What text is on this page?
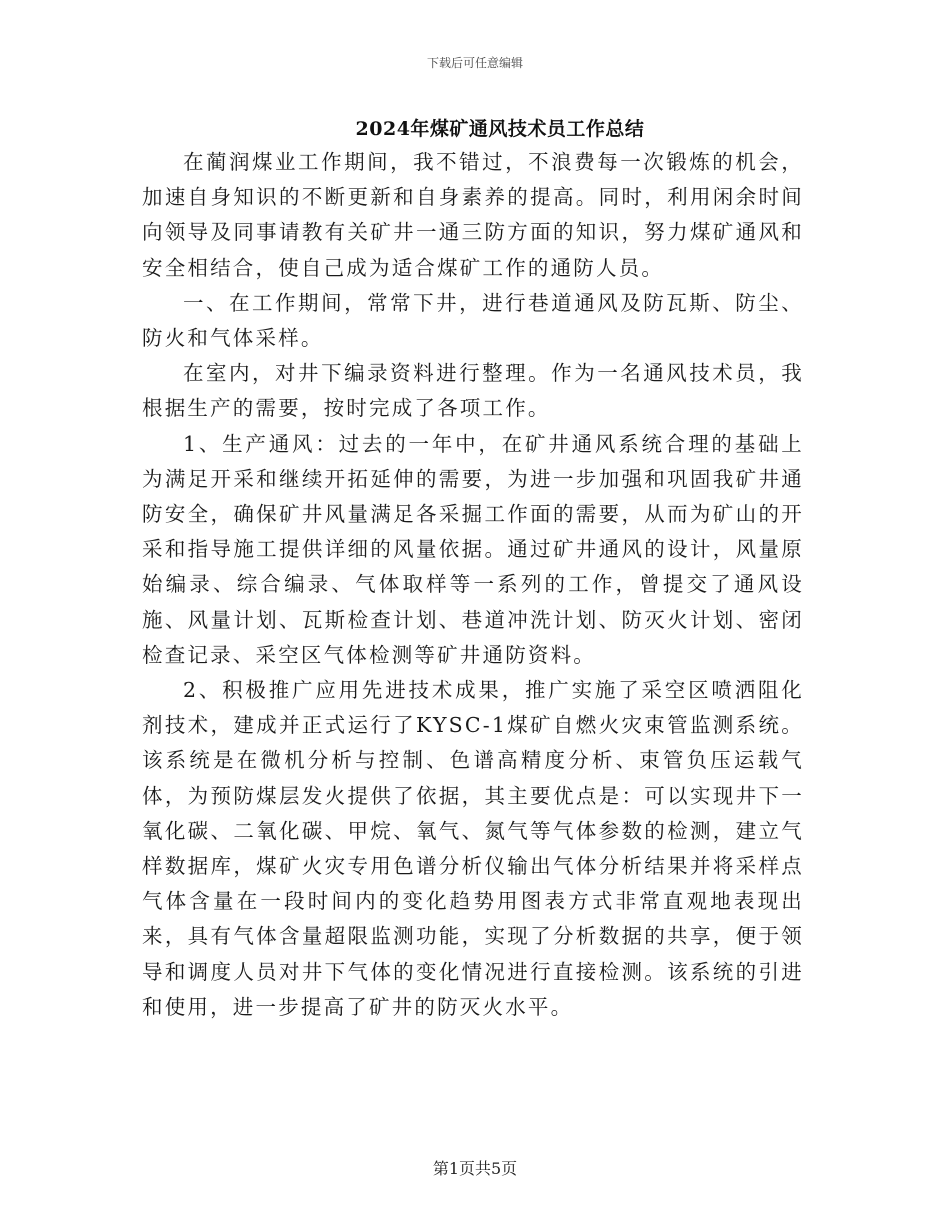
下载后可任意编辑
2024年煤矿通风技术员工作总结

在蔺润煤业工作期间，我不错过，不浪费每一次锻炼的机会，加速自身知识的不断更新和自身素养的提高。同时，利用闲余时间向领导及同事请教有关矿井一通三防方面的知识，努力煤矿通风和安全相结合，使自己成为适合煤矿工作的通防人员。

一、在工作期间，常常下井，进行巷道通风及防瓦斯、防尘、防火和气体采样。

在室内，对井下编录资料进行整理。作为一名通风技术员，我根据生产的需要，按时完成了各项工作。

1、生产通风：过去的一年中，在矿井通风系统合理的基础上为满足开采和继续开拓延伸的需要，为进一步加强和巩固我矿井通防安全，确保矿井风量满足各采掘工作面的需要，从而为矿山的开采和指导施工提供详细的风量依据。通过矿井通风的设计，风量原始编录、综合编录、气体取样等一系列的工作，曾提交了通风设施、风量计划、瓦斯检查计划、巷道冲洗计划、防灭火计划、密闭检查记录、采空区气体检测等矿井通防资料。

2、积极推广应用先进技术成果，推广实施了采空区喷洒阻化剂技术，建成并正式运行了KYSC-1煤矿自燃火灾束管监测系统。该系统是在微机分析与控制、色谱高精度分析、束管负压运载气体，为预防煤层发火提供了依据，其主要优点是：可以实现井下一氧化碳、二氧化碳、甲烷、氧气、氮气等气体参数的检测，建立气样数据库，煤矿火灾专用色谱分析仪输出气体分析结果并将采样点气体含量在一段时间内的变化趋势用图表方式非常直观地表现出来，具有气体含量超限监测功能，实现了分析数据的共享，便于领导和调度人员对井下气体的变化情况进行直接检测。该系统的引进和使用，进一步提高了矿井的防灭火水平。

第1页共5页
